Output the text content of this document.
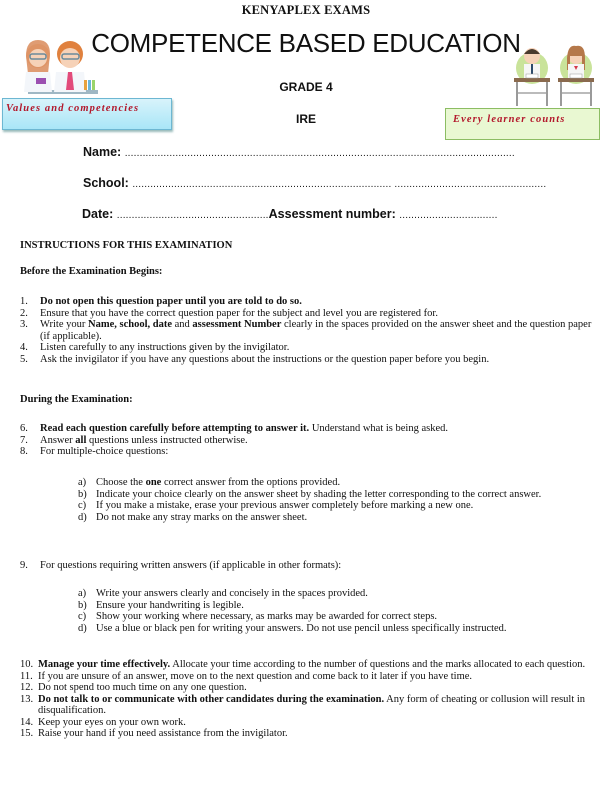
KENYAPLEX EXAMS
COMPETENCE BASED EDUCATION
GRADE 4
IRE
Values and competencies
Every learner counts
Name: ...................................................................................................................................
School: ....................................................................................... ...................................................
Date: ...................................................Assessment number: .................................
INSTRUCTIONS FOR THIS EXAMINATION
Before the Examination Begins:
1. Do not open this question paper until you are told to do so.
2. Ensure that you have the correct question paper for the subject and level you are registered for.
3. Write your Name, school, date and assessment Number clearly in the spaces provided on the answer sheet and the question paper (if applicable).
4. Listen carefully to any instructions given by the invigilator.
5. Ask the invigilator if you have any questions about the instructions or the question paper before you begin.
During the Examination:
6. Read each question carefully before attempting to answer it. Understand what is being asked.
7. Answer all questions unless instructed otherwise.
8. For multiple-choice questions:
a) Choose the one correct answer from the options provided.
b) Indicate your choice clearly on the answer sheet by shading the letter corresponding to the correct answer.
c) If you make a mistake, erase your previous answer completely before marking a new one.
d) Do not make any stray marks on the answer sheet.
9. For questions requiring written answers (if applicable in other formats):
a) Write your answers clearly and concisely in the spaces provided.
b) Ensure your handwriting is legible.
c) Show your working where necessary, as marks may be awarded for correct steps.
d) Use a blue or black pen for writing your answers. Do not use pencil unless specifically instructed.
10. Manage your time effectively. Allocate your time according to the number of questions and the marks allocated to each question.
11. If you are unsure of an answer, move on to the next question and come back to it later if you have time.
12. Do not spend too much time on any one question.
13. Do not talk to or communicate with other candidates during the examination. Any form of cheating or collusion will result in disqualification.
14. Keep your eyes on your own work.
15. Raise your hand if you need assistance from the invigilator.
